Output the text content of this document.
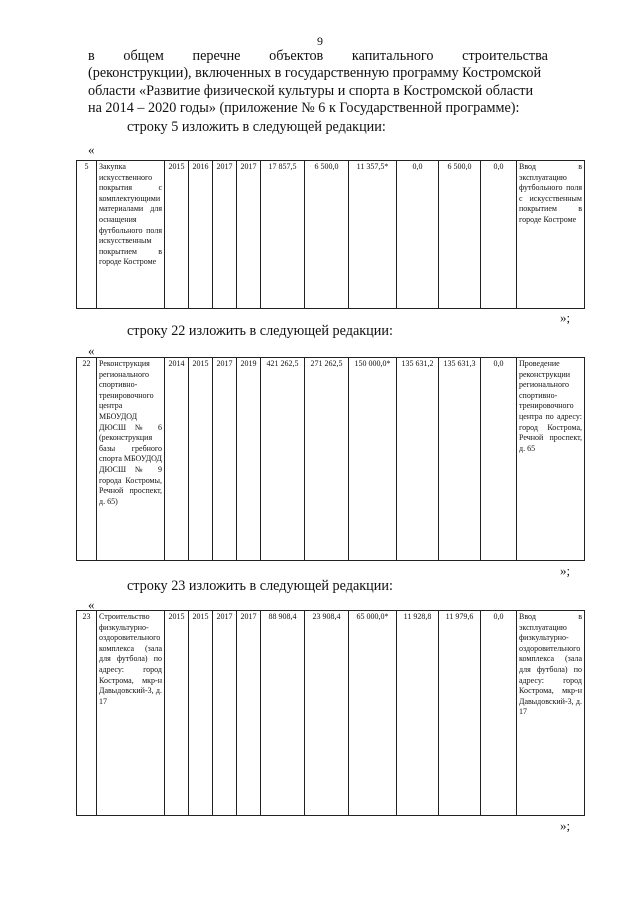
9
в общем перечне объектов капитального строительства
(реконструкции), включенных в государственную программу Костромской
области «Развитие физической культуры и спорта в Костромской области
на 2014 – 2020 годы» (приложение № 6 к Государственной программе):
строку 5 изложить в следующей редакции:
«
5	Закупка искусственного покрытия с комплектующими материалами для оснащения футбольного поля искусственным покрытием в городе Костроме	2015	2016	2017	2017	17 857,5	6 500,0	11 357,5*	0,0	6 500,0	0,0	Ввод в эксплуатацию футбольного поля с искусственным покрытием в городе Костроме
»;
строку 22 изложить в следующей редакции:
«
22	Реконструкция регионального спортивно-тренировочного центра МБОУДОД ДЮСШ № 6 (реконструкция базы гребного спорта МБОУДОД ДЮСШ № 9 города Костромы, Речной проспект, д. 65)	2014	2015	2017	2019	421 262,5	271 262,5	150 000,0*	135 631,2	135 631,3	0,0	Проведение реконструкции регионального спортивно-тренировочного центра по адресу: город Кострома, Речной проспект, д. 65
»;
строку 23 изложить в следующей редакции:
«
23	Строительство физкультурно-оздоровительного комплекса (зала для футбола) по адресу: город Кострома, мкр-н Давыдовский-3, д. 17	2015	2015	2017	2017	88 908,4	23 908,4	65 000,0*	11 928,8	11 979,6	0,0	Ввод в эксплуатацию физкультурно-оздоровительного комплекса (зала для футбола) по адресу: город Кострома, мкр-н Давыдовский-3, д. 17
»;
